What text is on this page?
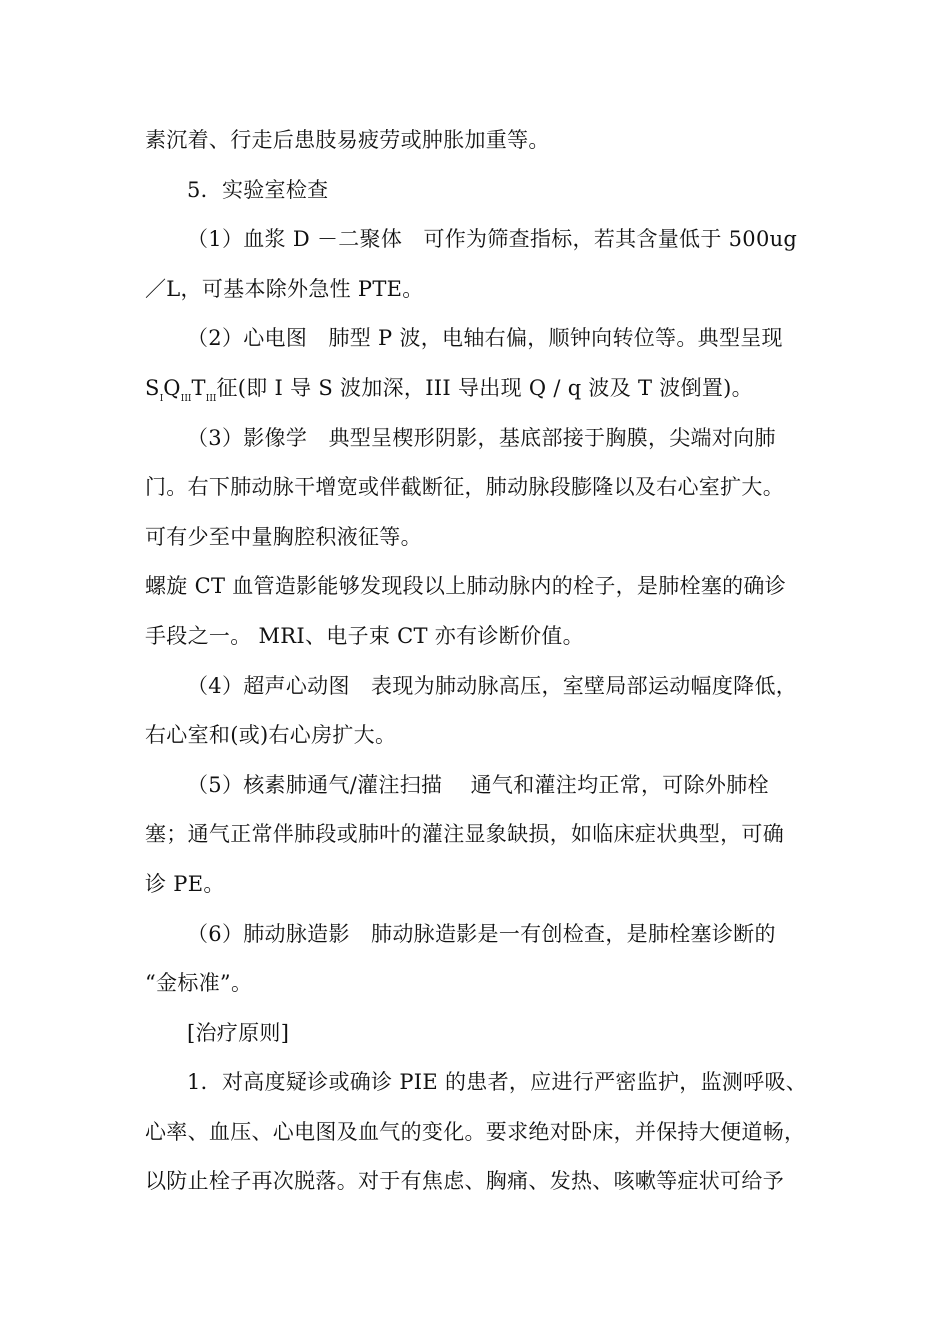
素沉着、行走后患肢易疲劳或肿胀加重等。
5．实验室检查
（1）血浆 D －二聚体　可作为筛查指标，若其含量低于 500ug
／L，可基本除外急性 PTE。
（2）心电图　肺型 P 波，电轴右偏，顺钟向转位等。典型呈现
$S_IQ_{III}T_{III}$征(即 I 导 S 波加深，III 导出现 Q / q 波及 T 波倒置)。
（3）影像学　典型呈楔形阴影，基底部接于胸膜，尖端对向肺
门。右下肺动脉干增宽或伴截断征，肺动脉段膨隆以及右心室扩大。
可有少至中量胸腔积液征等。
螺旋 CT 血管造影能够发现段以上肺动脉内的栓子，是肺栓塞的确诊
手段之一。 MRI、电子束 CT 亦有诊断价值。
（4）超声心动图　表现为肺动脉高压，室壁局部运动幅度降低，
右心室和(或)右心房扩大。
（5）核素肺通气/灌注扫描　 通气和灌注均正常，可除外肺栓
塞；通气正常伴肺段或肺叶的灌注显象缺损，如临床症状典型，可确
诊 PE。
（6）肺动脉造影　肺动脉造影是一有创检查，是肺栓塞诊断的
“金标准”。
[治疗原则]
1．对高度疑诊或确诊 PIE 的患者，应进行严密监护，监测呼吸、
心率、血压、心电图及血气的变化。要求绝对卧床，并保持大便道畅，
以防止栓子再次脱落。对于有焦虑、胸痛、发热、咳嗽等症状可给予
